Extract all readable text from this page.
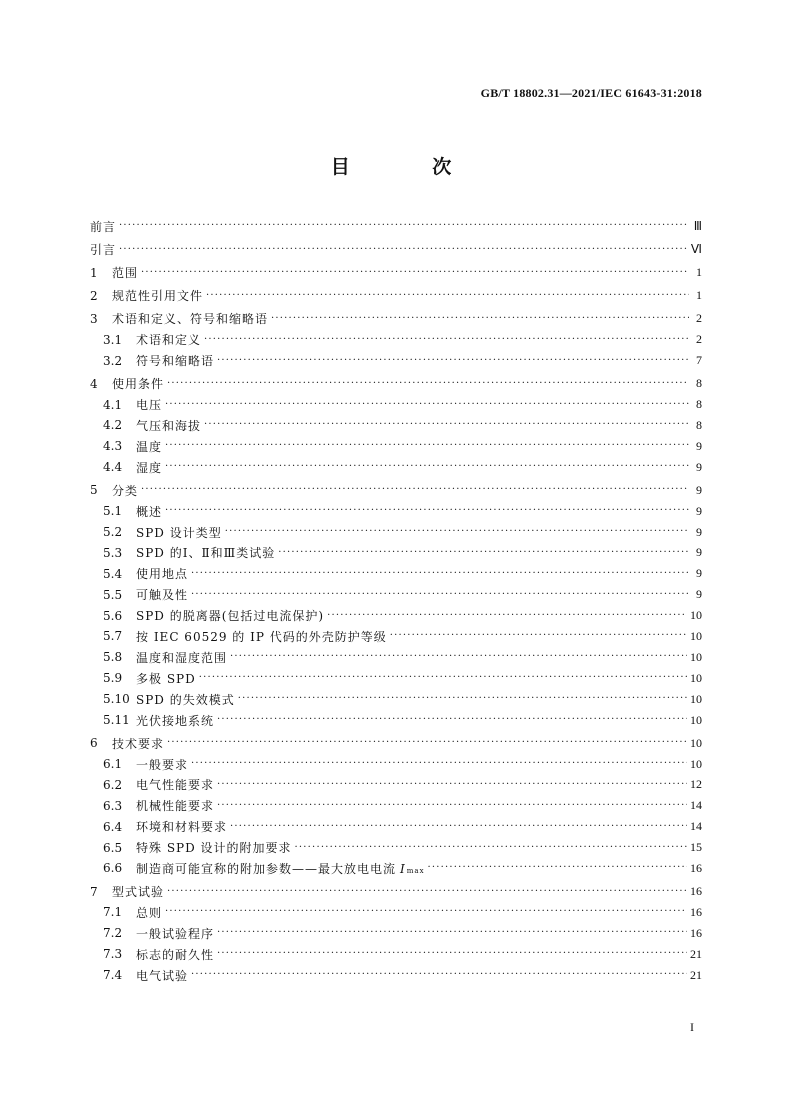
GB/T 18802.31—2021/IEC 61643-31:2018
目 次
前言 ·····	Ⅲ
引言 ·····	Ⅵ
1	范围 ·····	1
2	规范性引用文件 ·····	1
3	术语和定义、符号和缩略语 ·····	2
3.1	术语和定义 ·····	2
3.2	符号和缩略语 ·····	7
4	使用条件 ·····	8
4.1	电压 ·····	8
4.2	气压和海拔 ·····	8
4.3	温度 ·····	9
4.4	湿度 ·····	9
5	分类 ·····	9
5.1	概述 ·····	9
5.2	SPD 设计类型 ·····	9
5.3	SPD 的Ⅰ、Ⅱ和Ⅲ类试验 ·····	9
5.4	使用地点 ·····	9
5.5	可触及性 ·····	9
5.6	SPD 的脱离器(包括过电流保护) ·····	10
5.7	按 IEC 60529 的 IP 代码的外壳防护等级 ·····	10
5.8	温度和湿度范围 ·····	10
5.9	多极 SPD ·····	10
5.10 SPD 的失效模式 ·····	10
5.11 光伏接地系统 ·····	10
6	技术要求 ·····	10
6.1	一般要求 ·····	10
6.2	电气性能要求 ·····	12
6.3	机械性能要求 ·····	14
6.4	环境和材料要求 ·····	14
6.5	特殊 SPD 设计的附加要求 ·····	15
6.6	制造商可能宣称的附加参数——最大放电电流 Imax ·····	16
7	型式试验 ·····	16
7.1	总则 ·····	16
7.2	一般试验程序 ·····	16
7.3	标志的耐久性 ·····	21
7.4	电气试验 ·····	21
I
